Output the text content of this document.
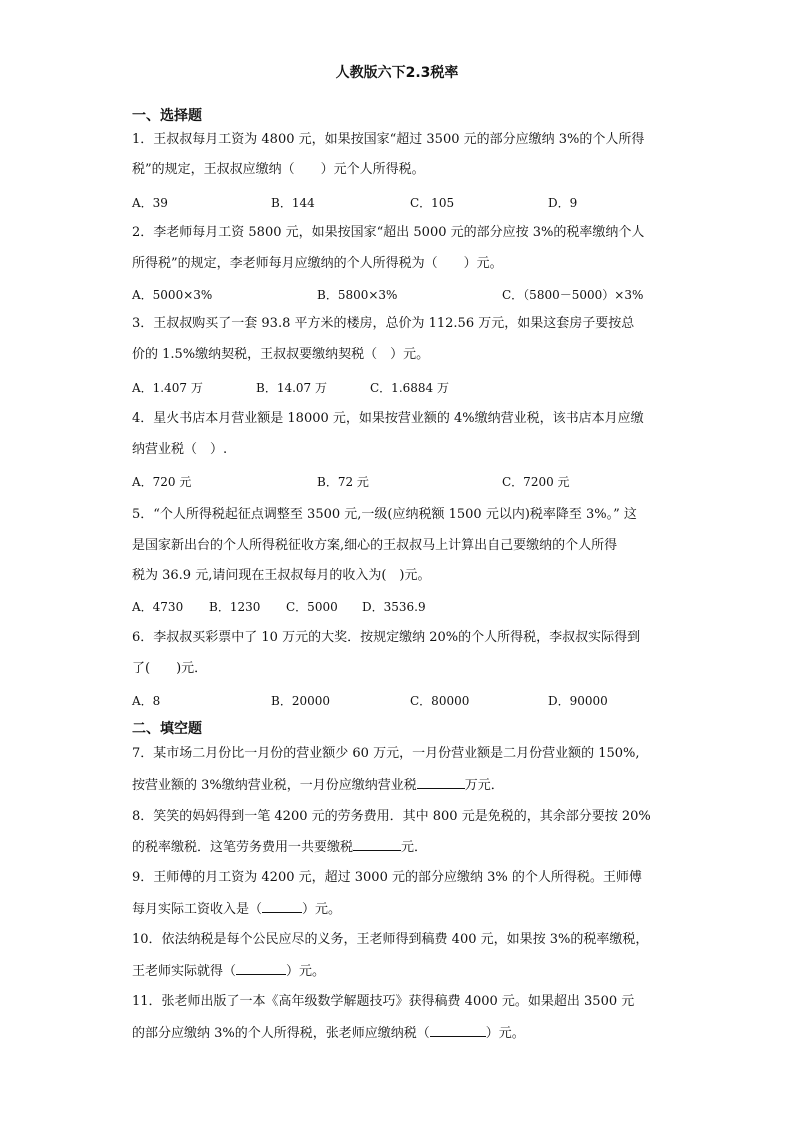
人教版六下2.3税率
一、选择题
1．王叔叔每月工资为 4800 元，如果按国家“超过 3500 元的部分应缴纳 3%的个人所得
税”的规定，王叔叔应缴纳（　　）元个人所得税。
A．39	B．144	C．105	D．9
2．李老师每月工资 5800 元，如果按国家“超出 5000 元的部分应按 3%的税率缴纳个人
所得税”的规定，李老师每月应缴纳的个人所得税为（　　）元。
A．5000×3%	B．5800×3%	C．（5800－5000）×3%
3．王叔叔购买了一套 93.8 平方米的楼房，总价为 112.56 万元，如果这套房子要按总
价的 1.5%缴纳契税，王叔叔要缴纳契税（　）元。
A．1.407 万	B．14.07 万	C．1.6884 万
4．星火书店本月营业额是 18000 元，如果按营业额的 4%缴纳营业税，该书店本月应缴
纳营业税（　）.
A．720 元	B．72 元	C．7200 元
5．“个人所得税起征点调整至 3500 元,一级(应纳税额 1500 元以内)税率降至 3%。” 这
是国家新出台的个人所得税征收方案,细心的王叔叔马上计算出自己要缴纳的个人所得
税为 36.9 元,请问现在王叔叔每月的收入为(　)元。
A．4730 B．1230 C．5000 D．3536.9
6．李叔叔买彩票中了 10 万元的大奖．按规定缴纳 20%的个人所得税，李叔叔实际得到
了(　　)元．
A．8	B．20000	C．80000	D．90000
二、填空题
7．某市场二月份比一月份的营业额少 60 万元，一月份营业额是二月份营业额的 150%,
按营业额的 3%缴纳营业税，一月份应缴纳营业税	万元．
8．笑笑的妈妈得到一笔 4200 元的劳务费用．其中 800 元是免税的，其余部分要按 20%
的税率缴税．这笔劳务费用一共要缴税	元．
9．王师傅的月工资为 4200 元，超过 3000 元的部分应缴纳 3% 的个人所得税。王师傅
每月实际工资收入是（	）元。
10．依法纳税是每个公民应尽的义务，王老师得到稿费 400 元，如果按 3%的税率缴税，
王老师实际就得（	）元。
11．张老师出版了一本《高年级数学解题技巧》获得稿费 4000 元。如果超出 3500 元
的部分应缴纳 3%的个人所得税，张老师应缴纳税（	）元。
